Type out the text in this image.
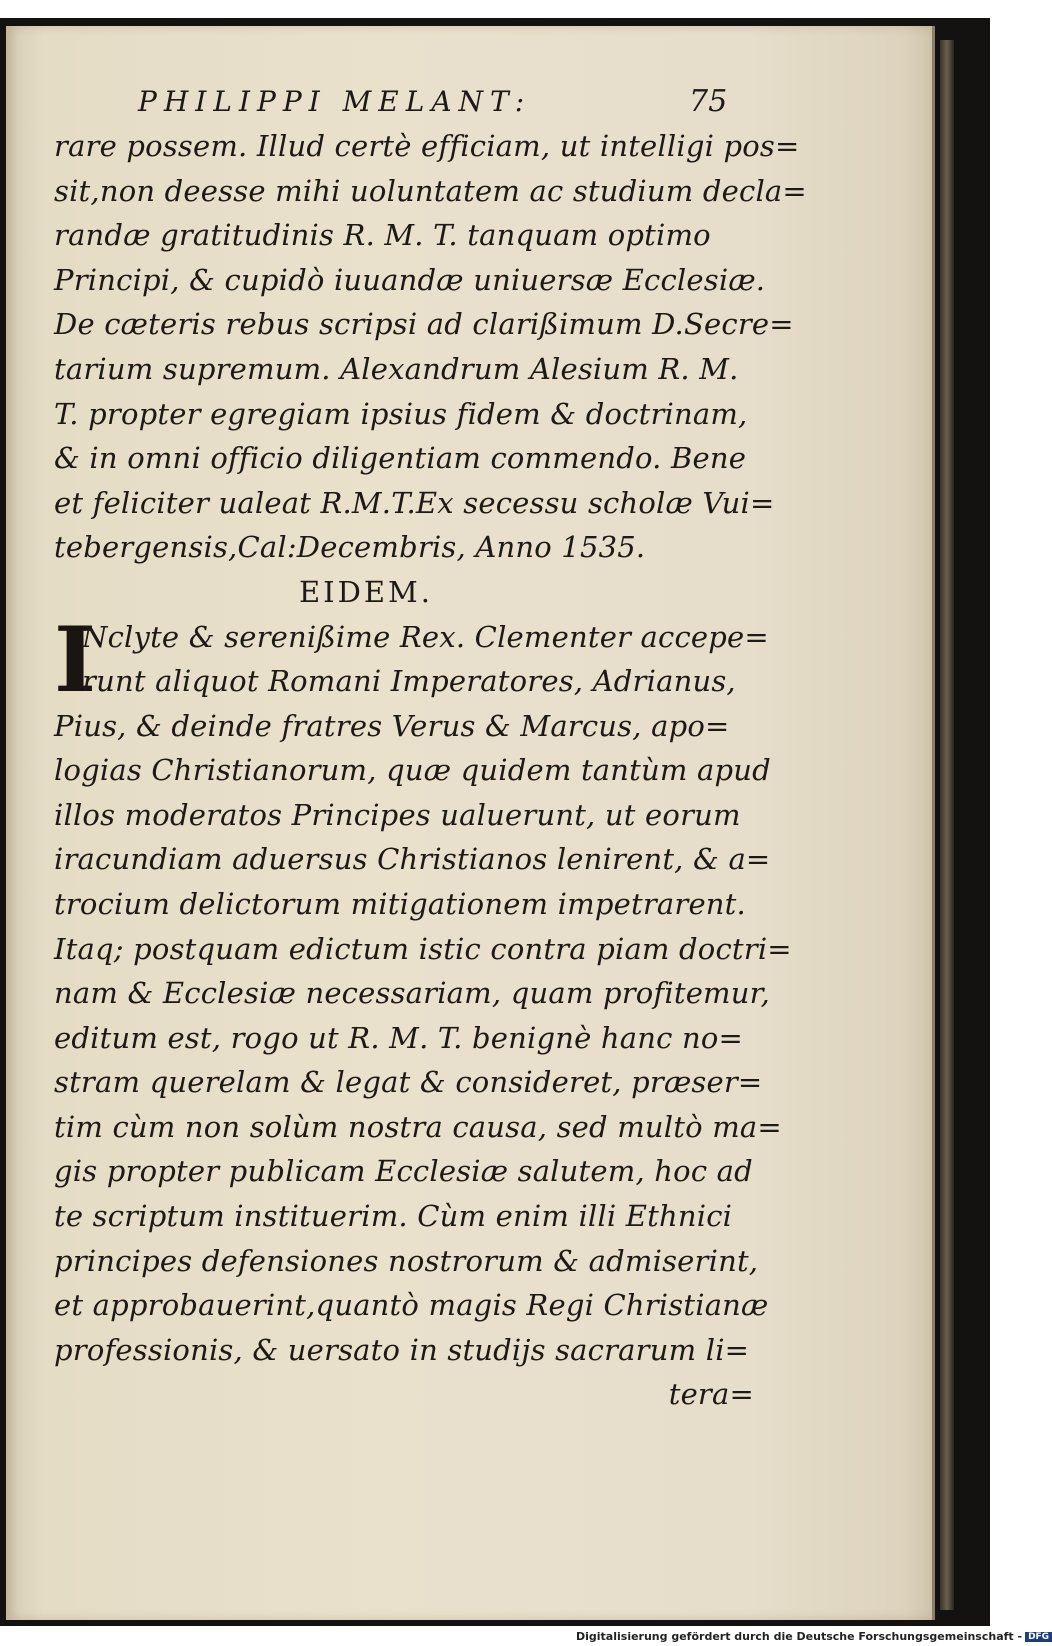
PHILIPPI MELANT:	75
rare possem. Illud certè efficiam, ut intelligi pos=
sit,non deesse mihi uoluntatem ac studium decla=
randæ gratitudinis R. M. T. tanquam optimo
Principi, & cupidò iuuandæ uniuersæ Ecclesiæ.
De cæteris rebus scripsi ad clarißimum D.Secre=
tarium supremum. Alexandrum Alesium R. M.
T. propter egregiam ipsius fidem & doctrinam,
& in omni officio diligentiam commendo. Bene
et feliciter ualeat R.M.T.Ex secessu scholæ Vui=
tebergensis,Cal:Decembris, Anno 1535.
EIDEM.
I
Nclyte & serenißime Rex. Clementer accepe=
runt aliquot Romani Imperatores, Adrianus,
Pius, & deinde fratres Verus & Marcus, apo=
logias Christianorum, quæ quidem tantùm apud
illos moderatos Principes ualuerunt, ut eorum
iracundiam aduersus Christianos lenirent, & a=
trocium delictorum mitigationem impetrarent.
Itaq; postquam edictum istic contra piam doctri=
nam & Ecclesiæ necessariam, quam profitemur,
editum est, rogo ut R. M. T. benignè hanc no=
stram querelam & legat & consideret, præser=
tim cùm non solùm nostra causa, sed multò ma=
gis propter publicam Ecclesiæ salutem, hoc ad
te scriptum instituerim. Cùm enim illi Ethnici
principes defensiones nostrorum & admiserint,
et approbauerint,quantò magis Regi Christianæ
professionis, & uersato in studijs sacrarum li=
tera=
Digitalisierung gefördert durch die Deutsche Forschungsgemeinschaft - DFG
